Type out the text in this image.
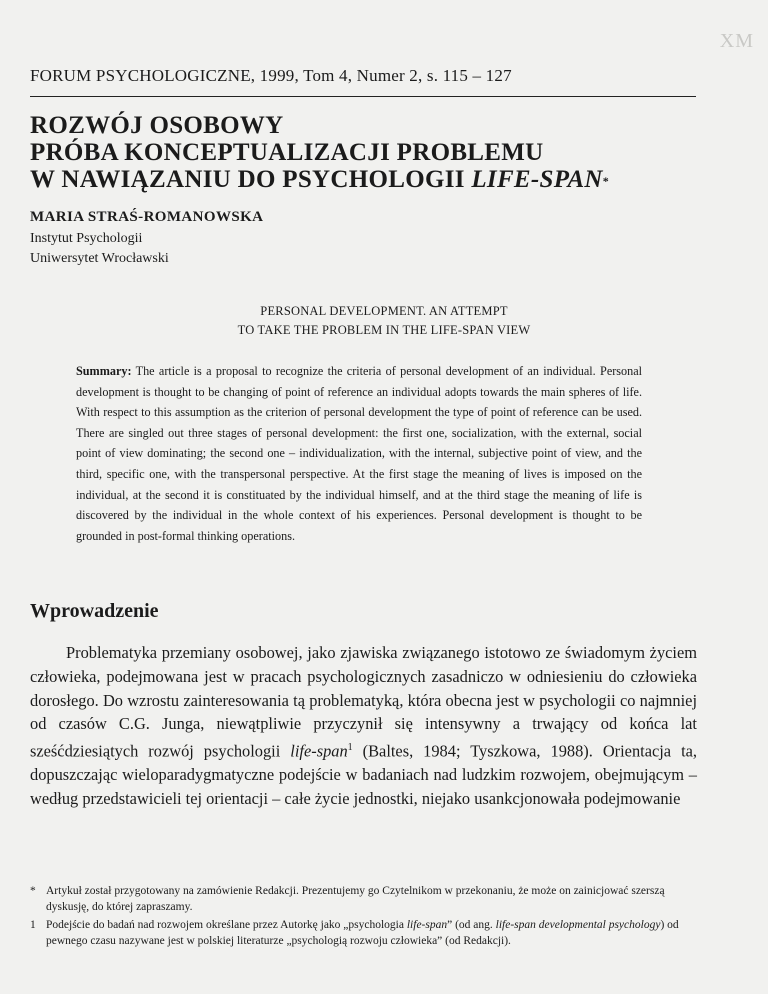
XM
FORUM PSYCHOLOGICZNE, 1999, Tom 4, Numer 2, s. 115 – 127
ROZWÓJ OSOBOWY
PRÓBA KONCEPTUALIZACJI PROBLEMU
W NAWIĄZANIU DO PSYCHOLOGII LIFE-SPAN*
MARIA STRAŚ-ROMANOWSKA
Instytut Psychologii
Uniwersytet Wrocławski
PERSONAL DEVELOPMENT. AN ATTEMPT
TO TAKE THE PROBLEM IN THE LIFE-SPAN VIEW
Summary: The article is a proposal to recognize the criteria of personal development of an individual. Personal development is thought to be changing of point of reference an individual adopts towards the main spheres of life. With respect to this assumption as the criterion of personal development the type of point of reference can be used. There are singled out three stages of personal development: the first one, socialization, with the external, social point of view dominating; the second one – individualization, with the internal, subjective point of view, and the third, specific one, with the transpersonal perspective. At the first stage the meaning of lives is imposed on the individual, at the second it is constituated by the individual himself, and at the third stage the meaning of life is discovered by the individual in the whole context of his experiences. Personal development is thought to be grounded in post-formal thinking operations.
Wprowadzenie
Problematyka przemiany osobowej, jako zjawiska związanego istotowo ze świadomym życiem człowieka, podejmowana jest w pracach psychologicznych zasadniczo w odniesieniu do człowieka dorosłego. Do wzrostu zainteresowania tą problematyką, która obecna jest w psychologii co najmniej od czasów C.G. Junga, niewątpliwie przyczynił się intensywny a trwający od końca lat sześćdziesiątych rozwój psychologii life-span$^1$ (Baltes, 1984; Tyszkowa, 1988). Orientacja ta, dopuszczając wieloparadygmatyczne podejście w badaniach nad ludzkim rozwojem, obejmującym – według przedstawicieli tej orientacji – całe życie jednostki, niejako usankcjonowała podejmowanie
* Artykuł został przygotowany na zamówienie Redakcji. Prezentujemy go Czytelnikom w przekonaniu, że może on zainicjować szerszą dyskusję, do której zapraszamy.
1 Podejście do badań nad rozwojem określane przez Autorkę jako „psychologia life-span” (od ang. life-span developmental psychology) od pewnego czasu nazywane jest w polskiej literaturze „psychologią rozwoju człowieka” (od Redakcji).
